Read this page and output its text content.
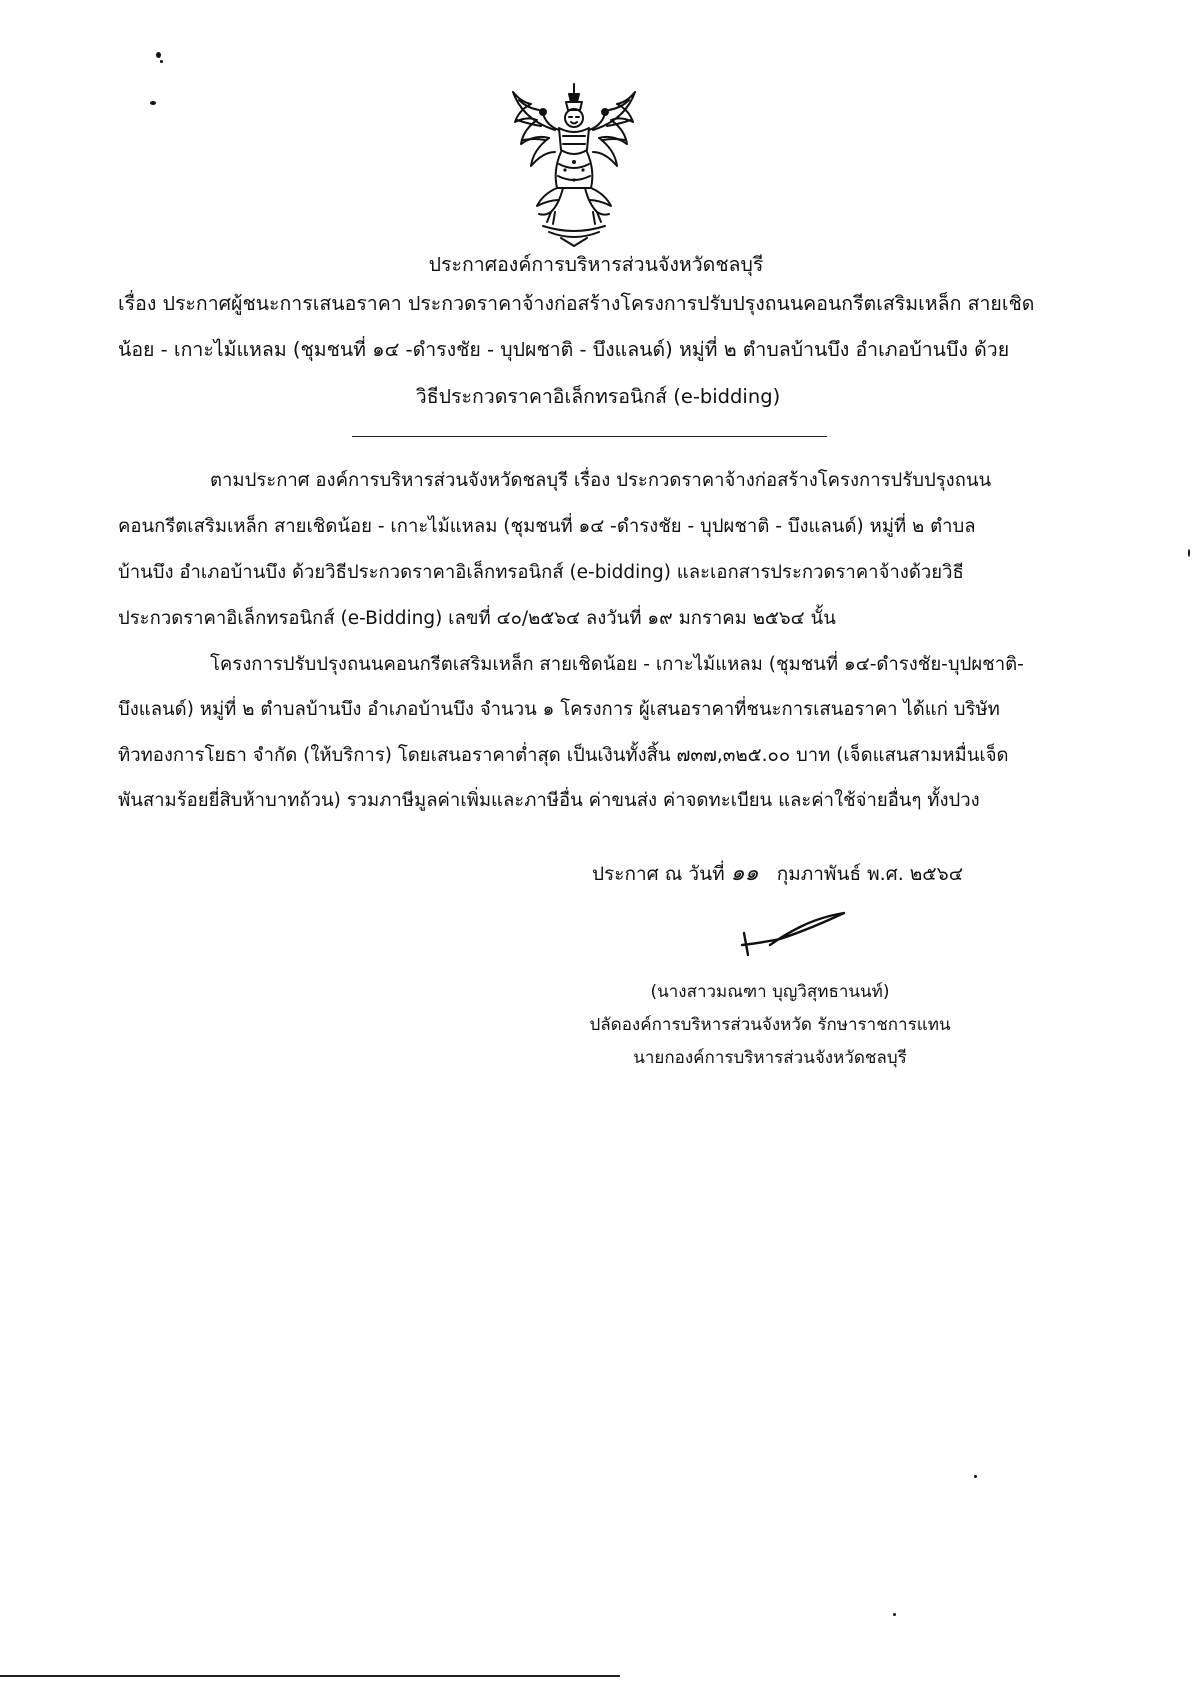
ประกาศองค์การบริหารส่วนจังหวัดชลบุรี
เรื่อง ประกาศผู้ชนะการเสนอราคา ประกวดราคาจ้างก่อสร้างโครงการปรับปรุงถนนคอนกรีตเสริมเหล็ก สายเชิด
น้อย - เกาะไม้แหลม (ชุมชนที่ ๑๔ -ดำรงชัย - บุปผชาติ - บึงแลนด์) หมู่ที่ ๒ ตำบลบ้านบึง อำเภอบ้านบึง ด้วย
วิธีประกวดราคาอิเล็กทรอนิกส์ (e-bidding)
ตามประกาศ องค์การบริหารส่วนจังหวัดชลบุรี เรื่อง ประกวดราคาจ้างก่อสร้างโครงการปรับปรุงถนน
คอนกรีตเสริมเหล็ก สายเชิดน้อย - เกาะไม้แหลม (ชุมชนที่ ๑๔ -ดำรงชัย - บุปผชาติ - บึงแลนด์) หมู่ที่ ๒ ตำบล
บ้านบึง อำเภอบ้านบึง ด้วยวิธีประกวดราคาอิเล็กทรอนิกส์ (e-bidding) และเอกสารประกวดราคาจ้างด้วยวิธี
ประกวดราคาอิเล็กทรอนิกส์ (e-Bidding) เลขที่ ๔๐/๒๕๖๔ ลงวันที่ ๑๙ มกราคม ๒๕๖๔ นั้น
โครงการปรับปรุงถนนคอนกรีตเสริมเหล็ก สายเชิดน้อย - เกาะไม้แหลม (ชุมชนที่ ๑๔-ดำรงชัย-บุปผชาติ-
บึงแลนด์) หมู่ที่ ๒ ตำบลบ้านบึง อำเภอบ้านบึง จำนวน ๑ โครงการ ผู้เสนอราคาที่ชนะการเสนอราคา ได้แก่ บริษัท
ทิวทองการโยธา จำกัด (ให้บริการ) โดยเสนอราคาต่ำสุด เป็นเงินทั้งสิ้น ๗๓๗,๓๒๕.๐๐ บาท (เจ็ดแสนสามหมื่นเจ็ด
พันสามร้อยยี่สิบห้าบาทถ้วน) รวมภาษีมูลค่าเพิ่มและภาษีอื่น ค่าขนส่ง ค่าจดทะเบียน และค่าใช้จ่ายอื่นๆ ทั้งปวง
ประกาศ ณ วันที่ ๑๑ กุมภาพันธ์ พ.ศ. ๒๕๖๔
(นางสาวมณฑา บุญวิสุทธานนท์)
ปลัดองค์การบริหารส่วนจังหวัด รักษาราชการแทน
นายกองค์การบริหารส่วนจังหวัดชลบุรี
